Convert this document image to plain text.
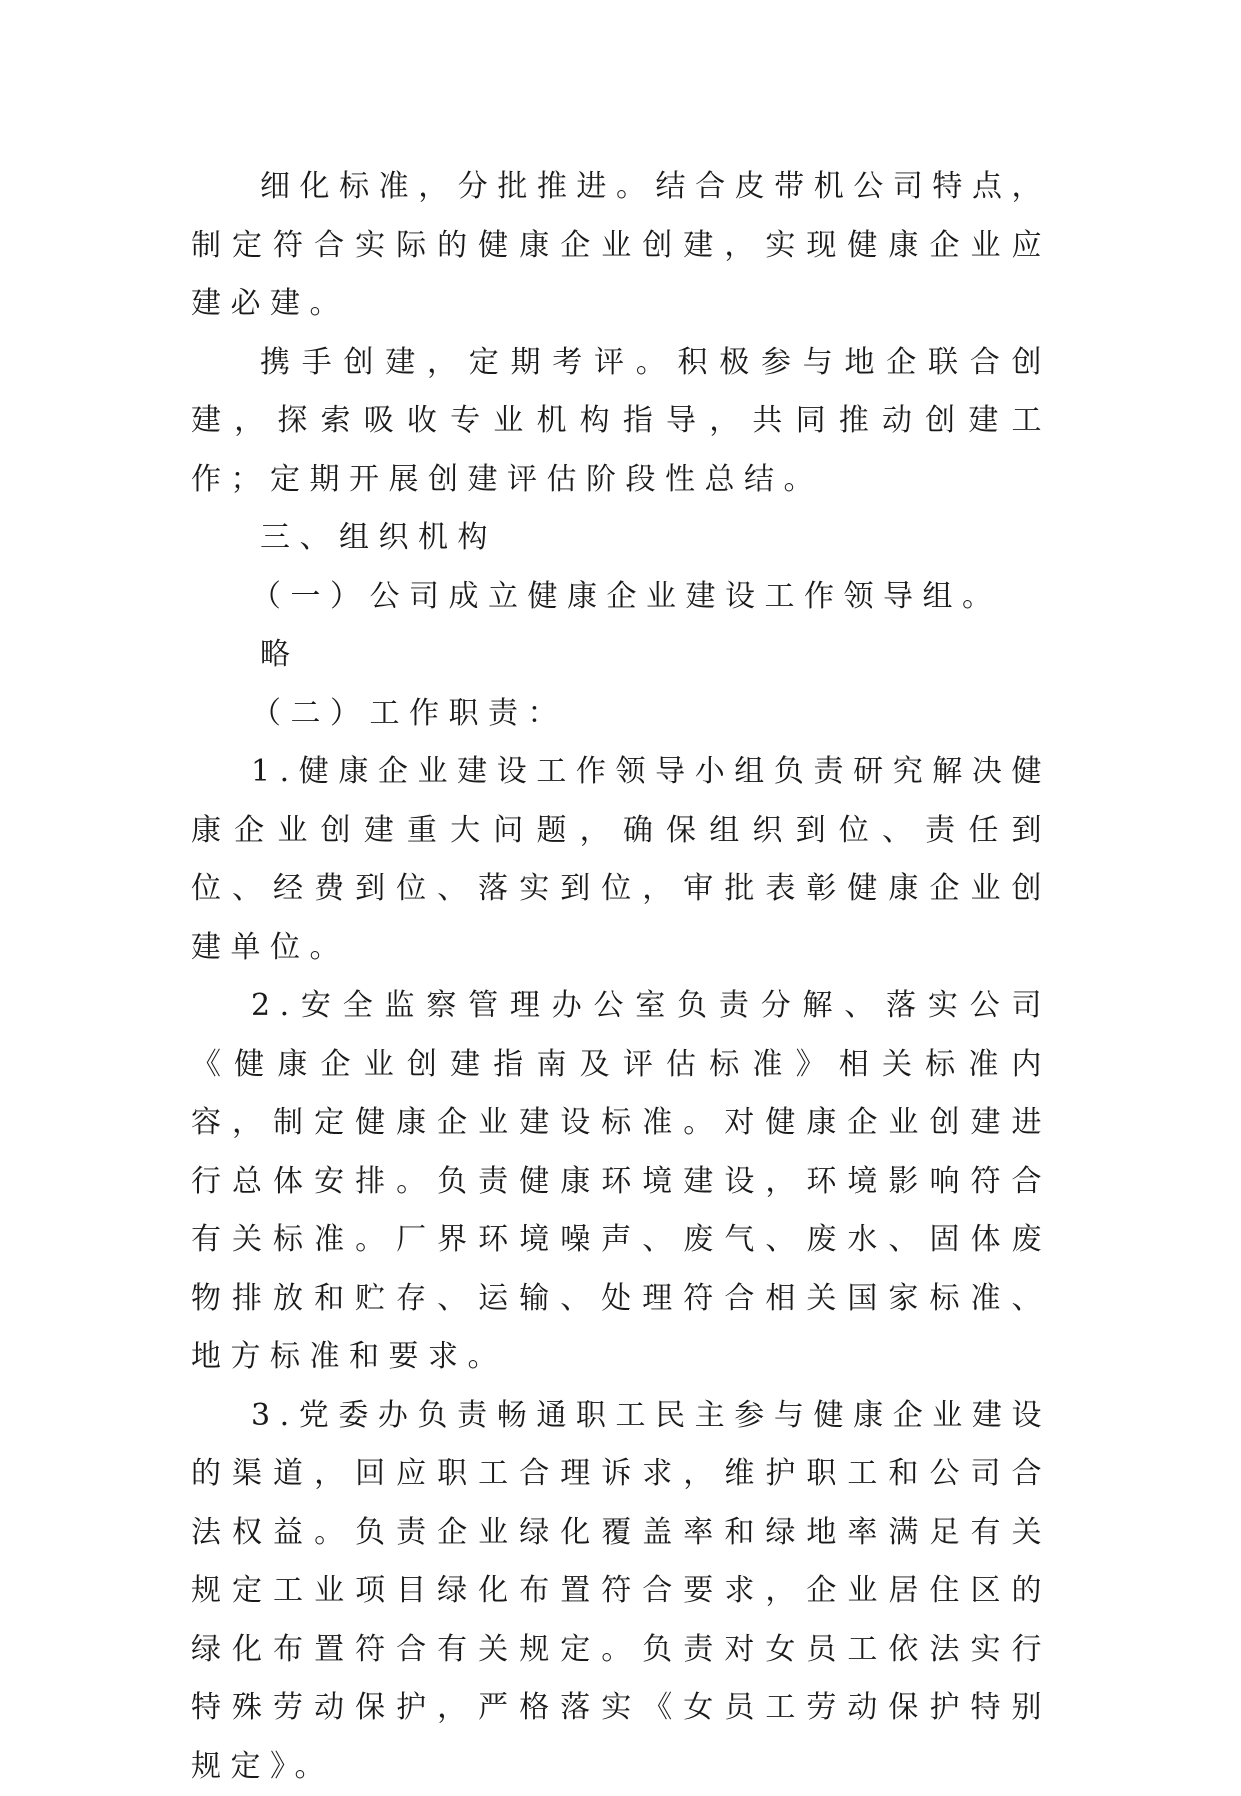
细化标准，分批推进。结合皮带机公司特点，制定符合实际的健康企业创建，实现健康企业应建必建。

携手创建，定期考评。积极参与地企联合创建，探索吸收专业机构指导，共同推动创建工作；定期开展创建评估阶段性总结。

三、组织机构

（一）公司成立健康企业建设工作领导组。

略

（二）工作职责：

1.健康企业建设工作领导小组负责研究解决健康企业创建重大问题，确保组织到位、责任到位、经费到位、落实到位，审批表彰健康企业创建单位。

2.安全监察管理办公室负责分解、落实公司《健康企业创建指南及评估标准》相关标准内容，制定健康企业建设标准。对健康企业创建进行总体安排。负责健康环境建设，环境影响符合有关标准。厂界环境噪声、废气、废水、固体废物排放和贮存、运输、处理符合相关国家标准、地方标准和要求。

3.党委办负责畅通职工民主参与健康企业建设的渠道，回应职工合理诉求，维护职工和公司合法权益。负责企业绿化覆盖率和绿地率满足有关规定工业项目绿化布置符合要求，企业居住区的绿化布置符合有关规定。负责对女员工依法实行特殊劳动保护，严格落实《女员工劳动保护特别规定》。
